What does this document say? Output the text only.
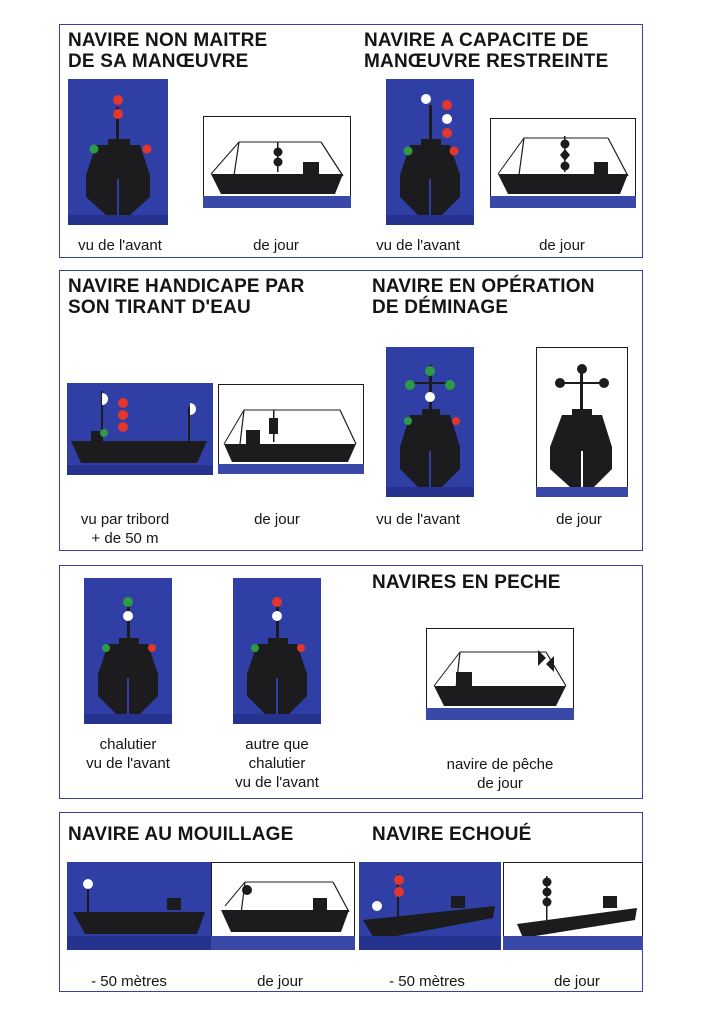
NAVIRE NON MAITRE
DE SA MANŒUVRE
NAVIRE A CAPACITE DE
MANŒUVRE RESTREINTE
vu de l'avant	de jour	vu de l'avant	de jour
NAVIRE HANDICAPE PAR
SON TIRANT D'EAU
NAVIRE EN OPÉRATION
DE DÉMINAGE
vu par tribord
+ de 50 m
de jour	vu de l'avant	de jour
NAVIRES EN PECHE
chalutier
vu de l'avant
autre que
chalutier
vu de l'avant
navire de pêche
de jour
NAVIRE AU MOUILLAGE	NAVIRE ECHOUÉ
- 50 mètres	de jour	- 50 mètres	de jour
